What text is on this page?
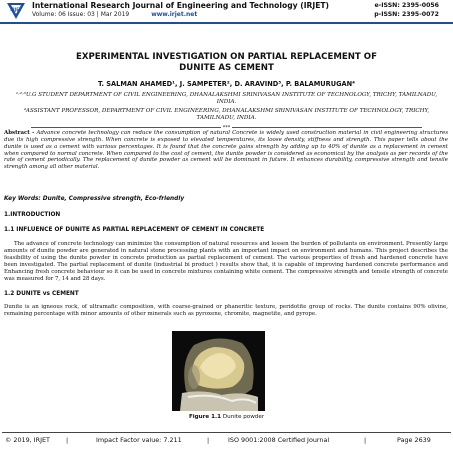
IRJET International Research Journal of Engineering and Technology (IRJET)
Volume: 06 Issue: 03 | Mar 2019	www.irjet.net
e-ISSN: 2395-0056
p-ISSN: 2395-0072
EXPERIMENTAL INVESTIGATION ON PARTIAL REPLACEMENT OF
DUNITE AS CEMENT
T. SALMAN AHAMED¹, J. SAMPETER², D. ARAVIND³, P. BALAMURUGAN⁴
¹˒²˒³U.G STUDENT DEPARTMENT OF CIVIL ENGINEERING, DHANALAKSHMI SRINIVASAN INSTITUTE OF TECHNOLOGY, TRICHY, TAMILNADU, INDIA.
⁴ASSISTANT PROFESSOR, DEPARTMENT OF CIVIL ENGINEERING, DHANALAKSHMI SRINIVASAN INSTITUTE OF TECHNOLOGY, TRICHY, TAMILNADU, INDIA.
***
Abstract - Advance concrete technology can reduce the consumption of natural Concrete is widely used construction material in civil engineering structures due its high compressive strength. When concrete is exposed to elevated temperatures, its loose density, stiffness and strength. This paper tells about the dunite is used as a cement with various percentages. It is found that the concrete gains strength by adding up to 40% of dunite as a replacement in cement when compared to normal concrete. When compared to the cost of cement, the dunite powder is considered as economical by the analysis as per records of the rate of cement periodically. The replacement of dunite powder as cement will be dominant in future. It enhances durability, compressive strength and tensile strength among all other material.
Key Words: Dunite, Compressive strength, Eco-friendly
1.INTRODUCTION
1.1 INFLUENCE OF DUNITE AS PARTIAL REPLACEMENT OF CEMENT IN CONCRETE
The advance of concrete technology can minimize the consumption of natural resources and lessen the burden of pollutants on environment. Presently large amounts of dunite powder are generated in natural stone processing plants with an important impact on environment and humans. This project describes the feasibility of using the dunite powder in concrete production as partial replacement of cement. The various properties of fresh and hardened concrete have been investigated. The partial replacement of dunite (industrial bi product ) results show that, it is capable of improving hardened concrete performance and Enhancing fresh concrete behaviour so it can be used in concrete mixtures containing white cement. The compressive strength and tensile strength of concrete was measured for 7, 14 and 28 days.
1.2 DUNITE vs CEMENT
Dunite is an igneous rock, of ultramafic composition, with coarse-grained or phaneritic texture, peridotite group of rocks. The dunite contains 90% olivine, remaining percentage with minor amounts of other minerals such as pyroxene, chromite, magnetite, and pyrope.
Figure 1.1 Dunite powder
© 2019, IRJET	|	Impact Factor value: 7.211	|	ISO 9001:2008 Certified Journal	|	Page 2639
